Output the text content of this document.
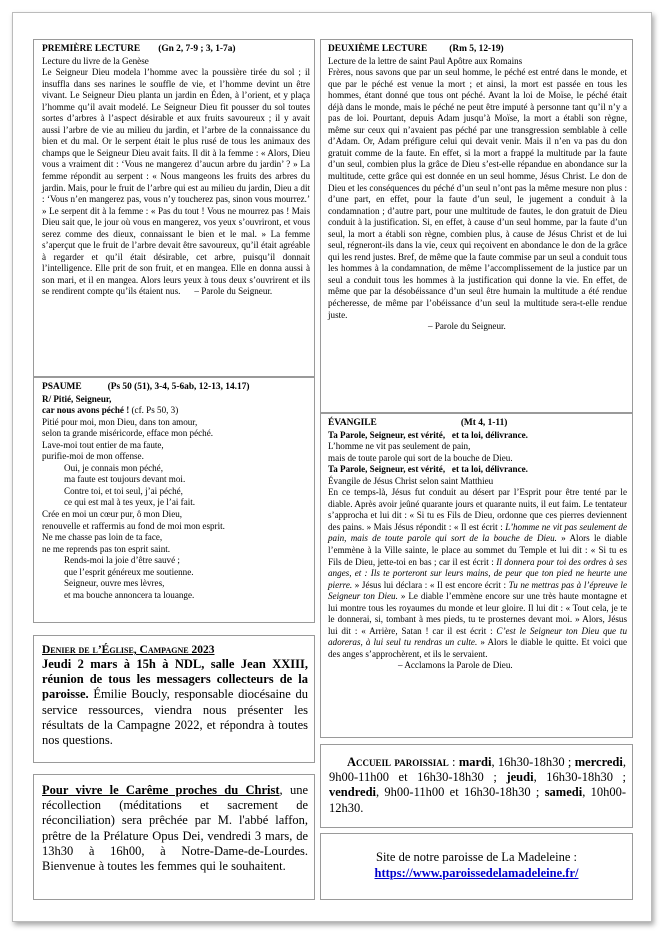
PREMIÈRE LECTURE (Gn 2, 7-9 ; 3, 1-7a)
Lecture du livre de la Genèse
Le Seigneur Dieu modela l’homme avec la poussière tirée du sol ; il insuffla dans ses narines le souffle de vie, et l’homme devint un être vivant. Le Seigneur Dieu planta un jardin en Éden, à l’orient, et y plaça l’homme qu’il avait modelé. Le Seigneur Dieu fit pousser du sol toutes sortes d’arbres à l’aspect désirable et aux fruits savoureux ; il y avait aussi l’arbre de vie au milieu du jardin, et l’arbre de la connaissance du bien et du mal. Or le serpent était le plus rusé de tous les animaux des champs que le Seigneur Dieu avait faits. Il dit à la femme : « Alors, Dieu vous a vraiment dit : ‘Vous ne mangerez d’aucun arbre du jardin’ ? » La femme répondit au serpent : « Nous mangeons les fruits des arbres du jardin. Mais, pour le fruit de l’arbre qui est au milieu du jardin, Dieu a dit : ‘Vous n’en mangerez pas, vous n’y toucherez pas, sinon vous mourrez.’ » Le serpent dit à la femme : « Pas du tout ! Vous ne mourrez pas ! Mais Dieu sait que, le jour où vous en mangerez, vos yeux s’ouvriront, et vous serez comme des dieux, connaissant le bien et le mal. » La femme s’aperçut que le fruit de l’arbre devait être savoureux, qu’il était agréable à regarder et qu’il était désirable, cet arbre, puisqu’il donnait l’intelligence. Elle prit de son fruit, et en mangea. Elle en donna aussi à son mari, et il en mangea. Alors leurs yeux à tous deux s’ouvrirent et ils se rendirent compte qu’ils étaient nus. – Parole du Seigneur.
PSAUME	(Ps 50 (51), 3-4, 5-6ab, 12-13, 14.17)
R/ Pitié, Seigneur,
car nous avons péché ! (cf. Ps 50, 3)
Pitié pour moi, mon Dieu, dans ton amour,
selon ta grande miséricorde, efface mon péché.
Lave-moi tout entier de ma faute,
purifie-moi de mon offense.
Oui, je connais mon péché,
ma faute est toujours devant moi.
Contre toi, et toi seul, j’ai péché,
ce qui est mal à tes yeux, je l’ai fait.
Crée en moi un cœur pur, ô mon Dieu,
renouvelle et raffermis au fond de moi mon esprit.
Ne me chasse pas loin de ta face,
ne me reprends pas ton esprit saint.
Rends-moi la joie d’être sauvé ;
que l’esprit généreux me soutienne.
Seigneur, ouvre mes lèvres,
et ma bouche annoncera ta louange.
Denier de l’Église, Campagne 2023
Jeudi 2 mars à 15h à NDL, salle Jean XXIII, réunion de tous les messagers collecteurs de la paroisse. Émilie Boucly, responsable diocésaine du service ressources, viendra nous présenter les résultats de la Campagne 2022, et répondra à toutes nos questions.
Pour vivre le Carême proches du Christ, une récollection (méditations et sacrement de réconciliation) sera prêchée par M. l'abbé laffon, prêtre de la Prélature Opus Dei, vendredi 3 mars, de 13h30 à 16h00, à Notre-Dame-de-Lourdes. Bienvenue à toutes les femmes qui le souhaitent.
DEUXIÈME LECTURE (Rm 5, 12-19)
Lecture de la lettre de saint Paul Apôtre aux Romains
Frères, nous savons que par un seul homme, le péché est entré dans le monde, et que par le péché est venue la mort ; et ainsi, la mort est passée en tous les hommes, étant donné que tous ont péché. Avant la loi de Moïse, le péché était déjà dans le monde, mais le péché ne peut être imputé à personne tant qu’il n’y a pas de loi. Pourtant, depuis Adam jusqu’à Moïse, la mort a établi son règne, même sur ceux qui n’avaient pas péché par une transgression semblable à celle d’Adam. Or, Adam préfigure celui qui devait venir. Mais il n’en va pas du don gratuit comme de la faute. En effet, si la mort a frappé la multitude par la faute d’un seul, combien plus la grâce de Dieu s’est-elle répandue en abondance sur la multitude, cette grâce qui est donnée en un seul homme, Jésus Christ. Le don de Dieu et les conséquences du péché d’un seul n’ont pas la même mesure non plus : d’une part, en effet, pour la faute d’un seul, le jugement a conduit à la condamnation ; d’autre part, pour une multitude de fautes, le don gratuit de Dieu conduit à la justification. Si, en effet, à cause d’un seul homme, par la faute d’un seul, la mort a établi son règne, combien plus, à cause de Jésus Christ et de lui seul, régneront-ils dans la vie, ceux qui reçoivent en abondance le don de la grâce qui les rend justes. Bref, de même que la faute commise par un seul a conduit tous les hommes à la condamnation, de même l’accomplissement de la justice par un seul a conduit tous les hommes à la justification qui donne la vie. En effet, de même que par la désobéissance d’un seul être humain la multitude a été rendue pécheresse, de même par l’obéissance d’un seul la multitude sera-t-elle rendue juste.
– Parole du Seigneur.
ÉVANGILE	(Mt 4, 1-11)
Ta Parole, Seigneur, est vérité,   et ta loi, délivrance.
L’homme ne vit pas seulement de pain,
mais de toute parole qui sort de la bouche de Dieu.
Ta Parole, Seigneur, est vérité,   et ta loi, délivrance.
Évangile de Jésus Christ selon saint Matthieu
En ce temps-là, Jésus fut conduit au désert par l’Esprit pour être tenté par le diable. Après avoir jeûné quarante jours et quarante nuits, il eut faim. Le tentateur s’approcha et lui dit : « Si tu es Fils de Dieu, ordonne que ces pierres deviennent des pains. » Mais Jésus répondit : « Il est écrit : L’homme ne vit pas seulement de pain, mais de toute parole qui sort de la bouche de Dieu. » Alors le diable l’emmène à la Ville sainte, le place au sommet du Temple et lui dit : « Si tu es Fils de Dieu, jette-toi en bas ; car il est écrit : Il donnera pour toi des ordres à ses anges, et : Ils te porteront sur leurs mains, de peur que ton pied ne heurte une pierre. » Jésus lui déclara : « Il est encore écrit : Tu ne mettras pas à l’épreuve le Seigneur ton Dieu. » Le diable l’emmène encore sur une très haute montagne et lui montre tous les royaumes du monde et leur gloire. Il lui dit : « Tout cela, je te le donnerai, si, tombant à mes pieds, tu te prosternes devant moi. » Alors, Jésus lui dit : « Arrière, Satan ! car il est écrit : C’est le Seigneur ton Dieu que tu adoreras, à lui seul tu rendras un culte. » Alors le diable le quitte. Et voici que des anges s’approchèrent, et ils le servaient.
– Acclamons la Parole de Dieu.
Accueil paroissial : mardi, 16h30-18h30 ; mercredi, 9h00-11h00 et 16h30-18h30 ; jeudi, 16h30-18h30 ; vendredi, 9h00-11h00 et 16h30-18h30 ; samedi, 10h00-12h30.
Site de notre paroisse de La Madeleine :
https://www.paroissedelamadeleine.fr/
